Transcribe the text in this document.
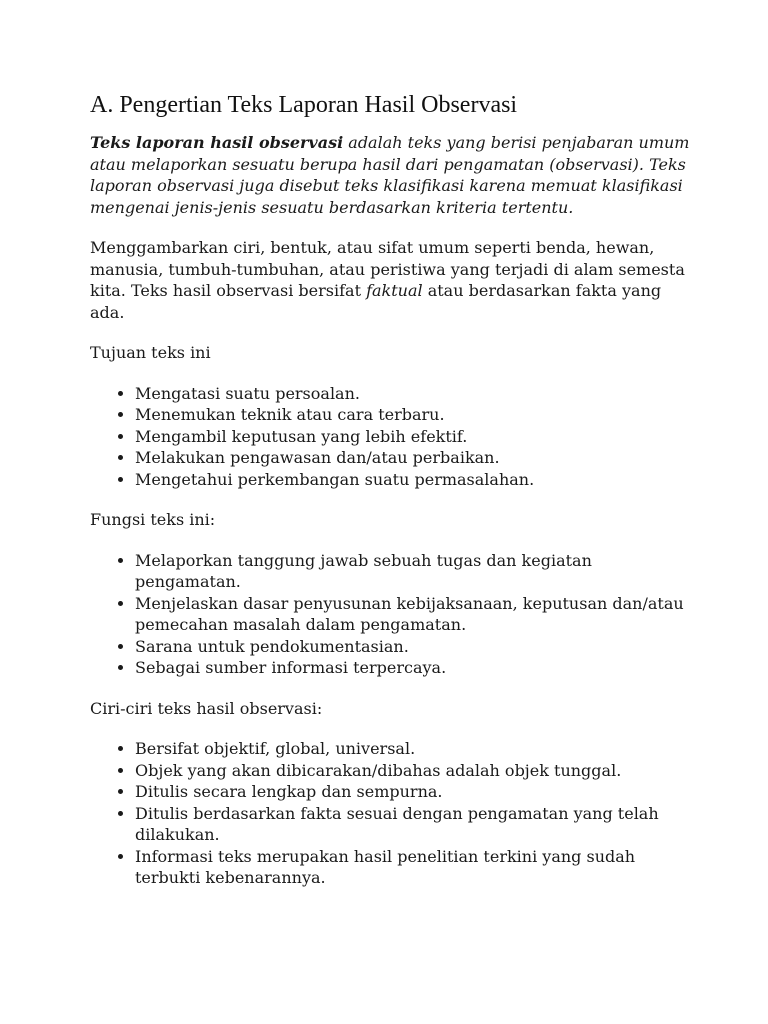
A. Pengertian Teks Laporan Hasil Observasi

Teks laporan hasil observasi adalah teks yang berisi penjabaran umum atau melaporkan sesuatu berupa hasil dari pengamatan (observasi). Teks laporan observasi juga disebut teks klasifikasi karena memuat klasifikasi mengenai jenis-jenis sesuatu berdasarkan kriteria tertentu.

Menggambarkan ciri, bentuk, atau sifat umum seperti benda, hewan, manusia, tumbuh-tumbuhan, atau peristiwa yang terjadi di alam semesta kita. Teks hasil observasi bersifat faktual atau berdasarkan fakta yang ada.

Tujuan teks ini

• Mengatasi suatu persoalan.
• Menemukan teknik atau cara terbaru.
• Mengambil keputusan yang lebih efektif.
• Melakukan pengawasan dan/atau perbaikan.
• Mengetahui perkembangan suatu permasalahan.

Fungsi teks ini:

• Melaporkan tanggung jawab sebuah tugas dan kegiatan pengamatan.
• Menjelaskan dasar penyusunan kebijaksanaan, keputusan dan/atau pemecahan masalah dalam pengamatan.
• Sarana untuk pendokumentasian.
• Sebagai sumber informasi terpercaya.

Ciri-ciri teks hasil observasi:

• Bersifat objektif, global, universal.
• Objek yang akan dibicarakan/dibahas adalah objek tunggal.
• Ditulis secara lengkap dan sempurna.
• Ditulis berdasarkan fakta sesuai dengan pengamatan yang telah dilakukan.
• Informasi teks merupakan hasil penelitian terkini yang sudah terbukti kebenarannya.
